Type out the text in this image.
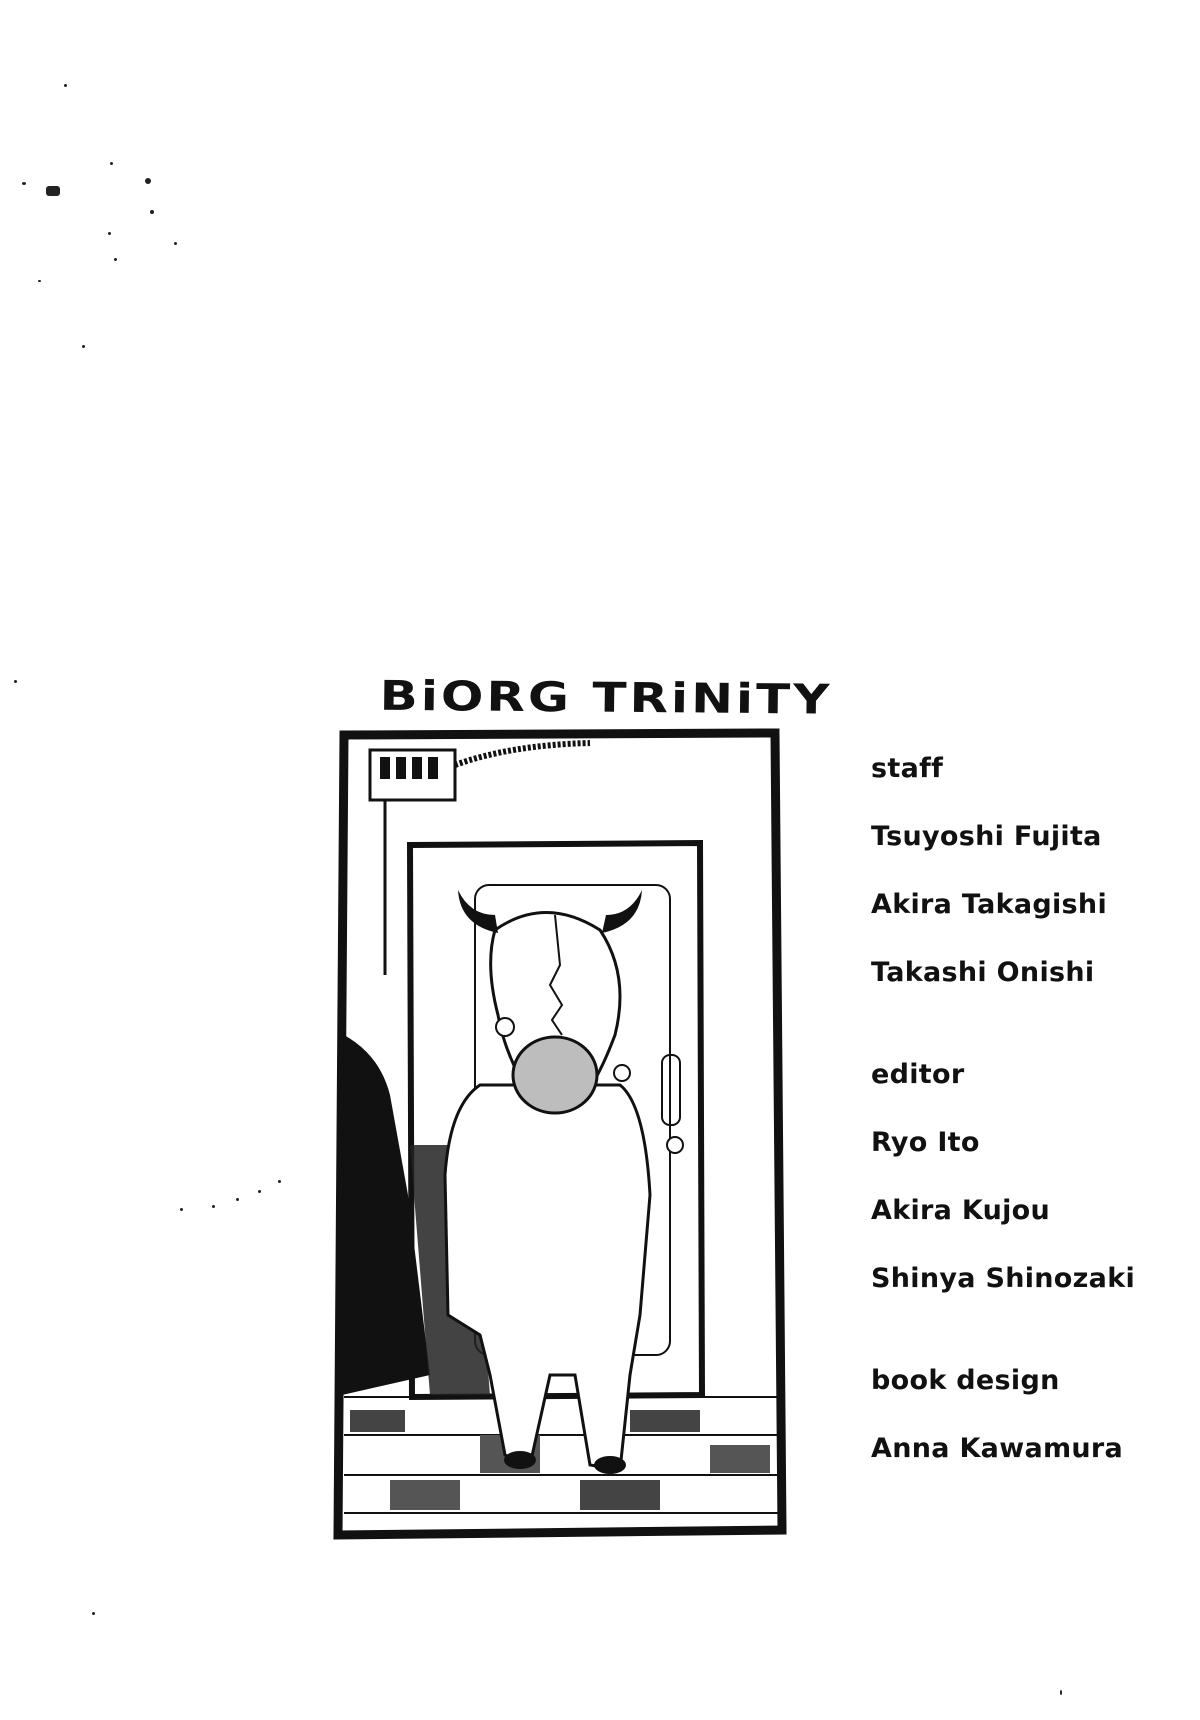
BiORG TRiNiTY
staff
Tsuyoshi Fujita
Akira Takagishi
Takashi Onishi
editor
Ryo Ito
Akira Kujou
Shinya Shinozaki
book design
Anna Kawamura
